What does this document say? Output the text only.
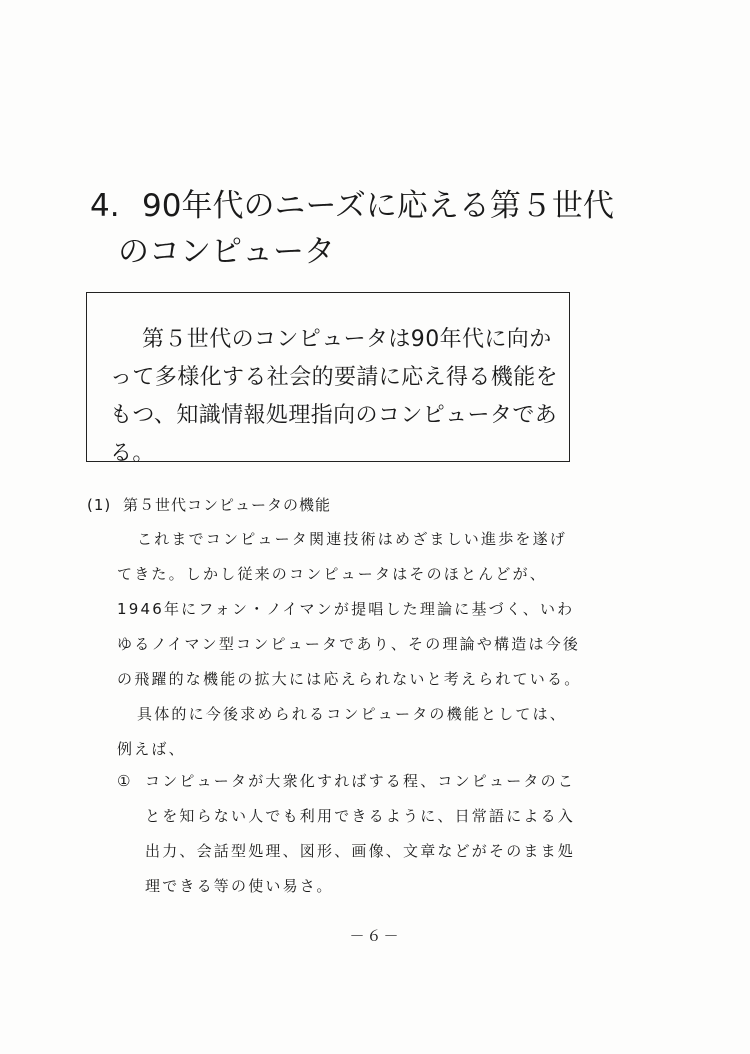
4. 90年代のニーズに応える第５世代
のコンピュータ

第５世代のコンピュータは90年代に向かって多様化する社会的要請に応え得る機能をもつ、知識情報処理指向のコンピュータである。

(1) 第５世代コンピュータの機能

これまでコンピュータ関連技術はめざましい進歩を遂げてきた。しかし従来のコンピュータはそのほとんどが、1946年にフォン・ノイマンが提唱した理論に基づく、いわゆるノイマン型コンピュータであり、その理論や構造は今後の飛躍的な機能の拡大には応えられないと考えられている。

具体的に今後求められるコンピュータの機能としては、例えば、

① コンピュータが大衆化すればする程、コンピュータのことを知らない人でも利用できるように、日常語による入出力、会話型処理、図形、画像、文章などがそのまま処理できる等の使い易さ。
－６－
